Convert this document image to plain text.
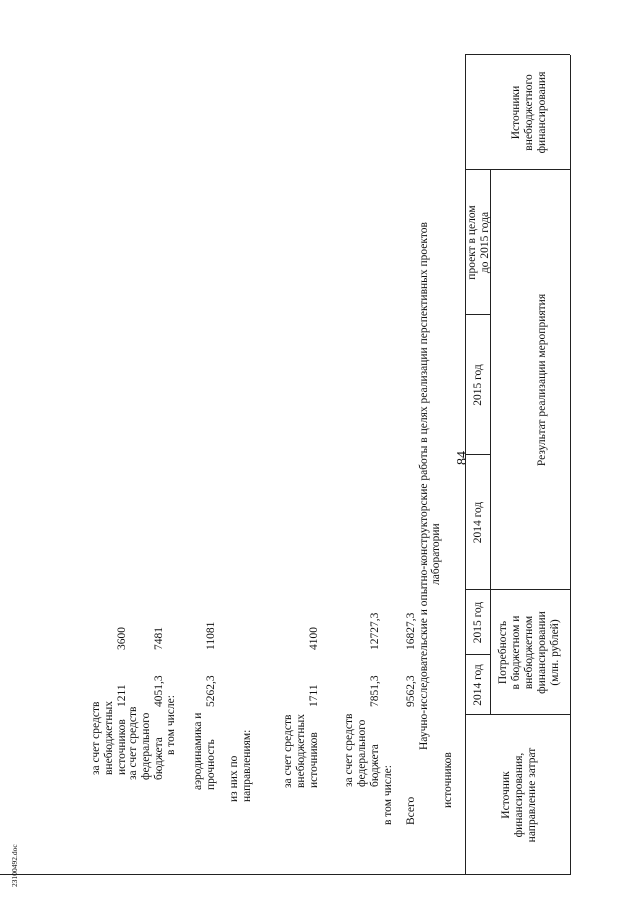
84
Источник
финансирования,
направление затрат
Потребность
в бюджетном и
внебюджетном
финансировании
(млн. рублей)
2014 год
2015 год
Результат реализации мероприятия
2014 год
2015 год
проект в целом
до 2015 года
Источники
внебюджетного
финансирования
источников
лаборатории
Научно-исследовательские и опытно-конструкторские работы в целях реализации перспективных проектов
Всего
9562,3
16827,3
в том числе:
за счет средств
федерального
бюджета
7851,3
12727,3
за счет средств
внебюджетных
источников
1711
4100
из них по
направлениям:
аэродинамика и
прочность
5262,3
11081
в том числе:
за счет средств
федерального
бюджета
4051,3
7481
за счет средств
внебюджетных
источников
1211
3600
2З100492.doc
